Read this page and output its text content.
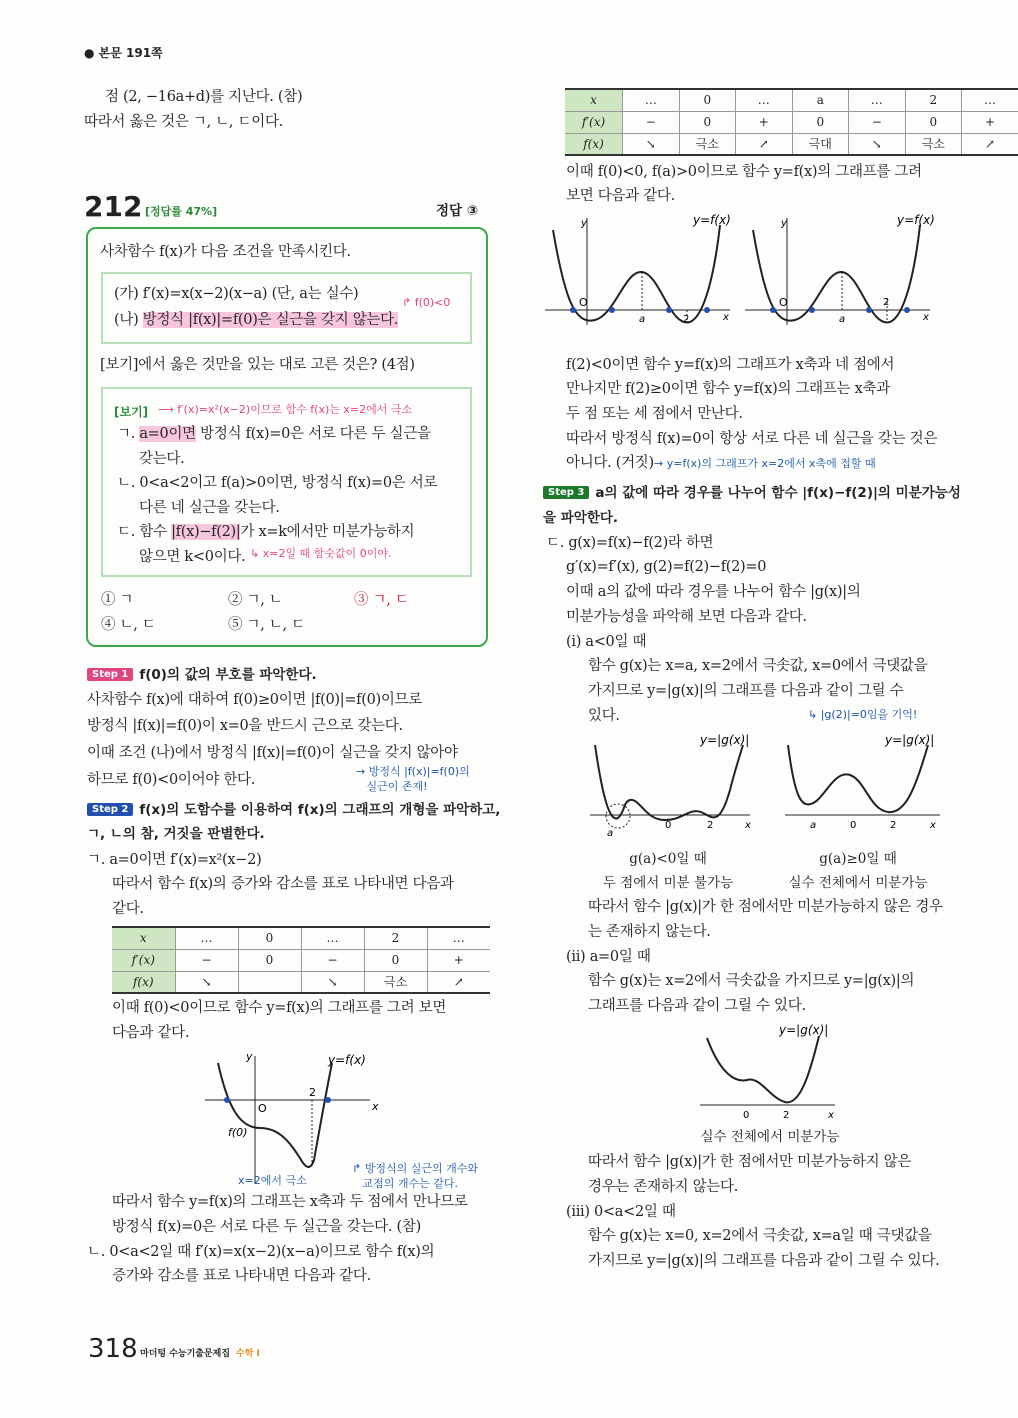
● 본문 191쪽
점 (2, −16a+d)를 지난다. (참)
따라서 옳은 것은 ㄱ, ㄴ, ㄷ이다.
212 [정답률 47%]	정답 ③
사차함수 f(x)가 다음 조건을 만족시킨다.
(가) f′(x)=x(x−2)(x−a) (단, a는 실수)
(나) 방정식 |f(x)|=f(0)은 실근을 갖지 않는다.
↱ f(0)<0
[보기]에서 옳은 것만을 있는 대로 고른 것은? (4점)
[보기] ⟶ f′(x)=x²(x−2)이므로 함수 f(x)는 x=2에서 극소
ㄱ. a=0이면 방정식 f(x)=0은 서로 다른 두 실근을
갖는다.
ㄴ. 0<a<2이고 f(a)>0이면, 방정식 f(x)=0은 서로
다른 네 실근을 갖는다.
ㄷ. 함수 |f(x)−f(2)|가 x=k에서만 미분가능하지
않으면 k<0이다. ↳ x=2일 때 함숫값이 0이야.
① ㄱ	② ㄱ, ㄴ	③ ㄱ, ㄷ
④ ㄴ, ㄷ	⑤ ㄱ, ㄴ, ㄷ
Step 1 f(0)의 값의 부호를 파악한다.
사차함수 f(x)에 대하여 f(0)≥0이면 |f(0)|=f(0)이므로
방정식 |f(x)|=f(0)이 x=0을 반드시 근으로 갖는다.
이때 조건 (나)에서 방정식 |f(x)|=f(0)이 실근을 갖지 않아야
하므로 f(0)<0이어야 한다.
→ 방정식 |f(x)|=f(0)의
실근이 존재!
Step 2 f(x)의 도함수를 이용하여 f(x)의 그래프의 개형을 파악하고,
ㄱ, ㄴ의 참, 거짓을 판별한다.
ㄱ. a=0이면 f′(x)=x²(x−2)
따라서 함수 f(x)의 증가와 감소를 표로 나타내면 다음과
같다.
x	…	0	…	2	…
f′(x)	−	0	−	0	+
f(x)	↘		↘	극소	↗
이때 f(0)<0이므로 함수 y=f(x)의 그래프를 그려 보면
다음과 같다.
y
x
O
2
f(0)
y=f(x)
x=2에서 극소
↱ 방정식의 실근의 개수와
교점의 개수는 같다.
따라서 함수 y=f(x)의 그래프는 x축과 두 점에서 만나므로
방정식 f(x)=0은 서로 다른 두 실근을 갖는다. (참)
ㄴ. 0<a<2일 때 f′(x)=x(x−2)(x−a)이므로 함수 f(x)의
증가와 감소를 표로 나타내면 다음과 같다.
318 마더텅 수능기출문제집 수학 I
x	…	0	…	a	…	2	…
f′(x)	−	0	+	0	−	0	+
f(x)	↘	극소	↗	극대	↘	극소	↗
이때 f(0)<0, f(a)>0이므로 함수 y=f(x)의 그래프를 그려
보면 다음과 같다.
O
a	2	x
y	y=f(x)
O
a
2
x
y	y=f(x)
f(2)<0이면 함수 y=f(x)의 그래프가 x축과 네 점에서
만나지만 f(2)≥0이면 함수 y=f(x)의 그래프는 x축과
두 점 또는 세 점에서 만난다.
따라서 방정식 f(x)=0이 항상 서로 다른 네 실근을 갖는 것은
아니다. (거짓) → y=f(x)의 그래프가 x=2에서 x축에 접할 때
Step 3 a의 값에 따라 경우를 나누어 함수 |f(x)−f(2)|의 미분가능성
을 파악한다.
ㄷ. g(x)=f(x)−f(2)라 하면
g′(x)=f′(x), g(2)=f(2)−f(2)=0
이때 a의 값에 따라 경우를 나누어 함수 |g(x)|의
미분가능성을 파악해 보면 다음과 같다.
(i) a<0일 때
함수 g(x)는 x=a, x=2에서 극솟값, x=0에서 극댓값을
가지므로 y=|g(x)|의 그래프를 다음과 같이 그릴 수
있다.	↳ |g(2)|=0임을 기억!
a
0	2	x
y=|g(x)|
a	0	2	x
y=|g(x)|
g(a)<0일 때
두 점에서 미분 불가능
g(a)≥0일 때
실수 전체에서 미분가능
따라서 함수 |g(x)|가 한 점에서만 미분가능하지 않은 경우
는 존재하지 않는다.
(ii) a=0일 때
함수 g(x)는 x=2에서 극솟값을 가지므로 y=|g(x)|의
그래프를 다음과 같이 그릴 수 있다.
0	2	x
y=|g(x)|
실수 전체에서 미분가능
따라서 함수 |g(x)|가 한 점에서만 미분가능하지 않은
경우는 존재하지 않는다.
(iii) 0<a<2일 때
함수 g(x)는 x=0, x=2에서 극솟값, x=a일 때 극댓값을
가지므로 y=|g(x)|의 그래프를 다음과 같이 그릴 수 있다.
